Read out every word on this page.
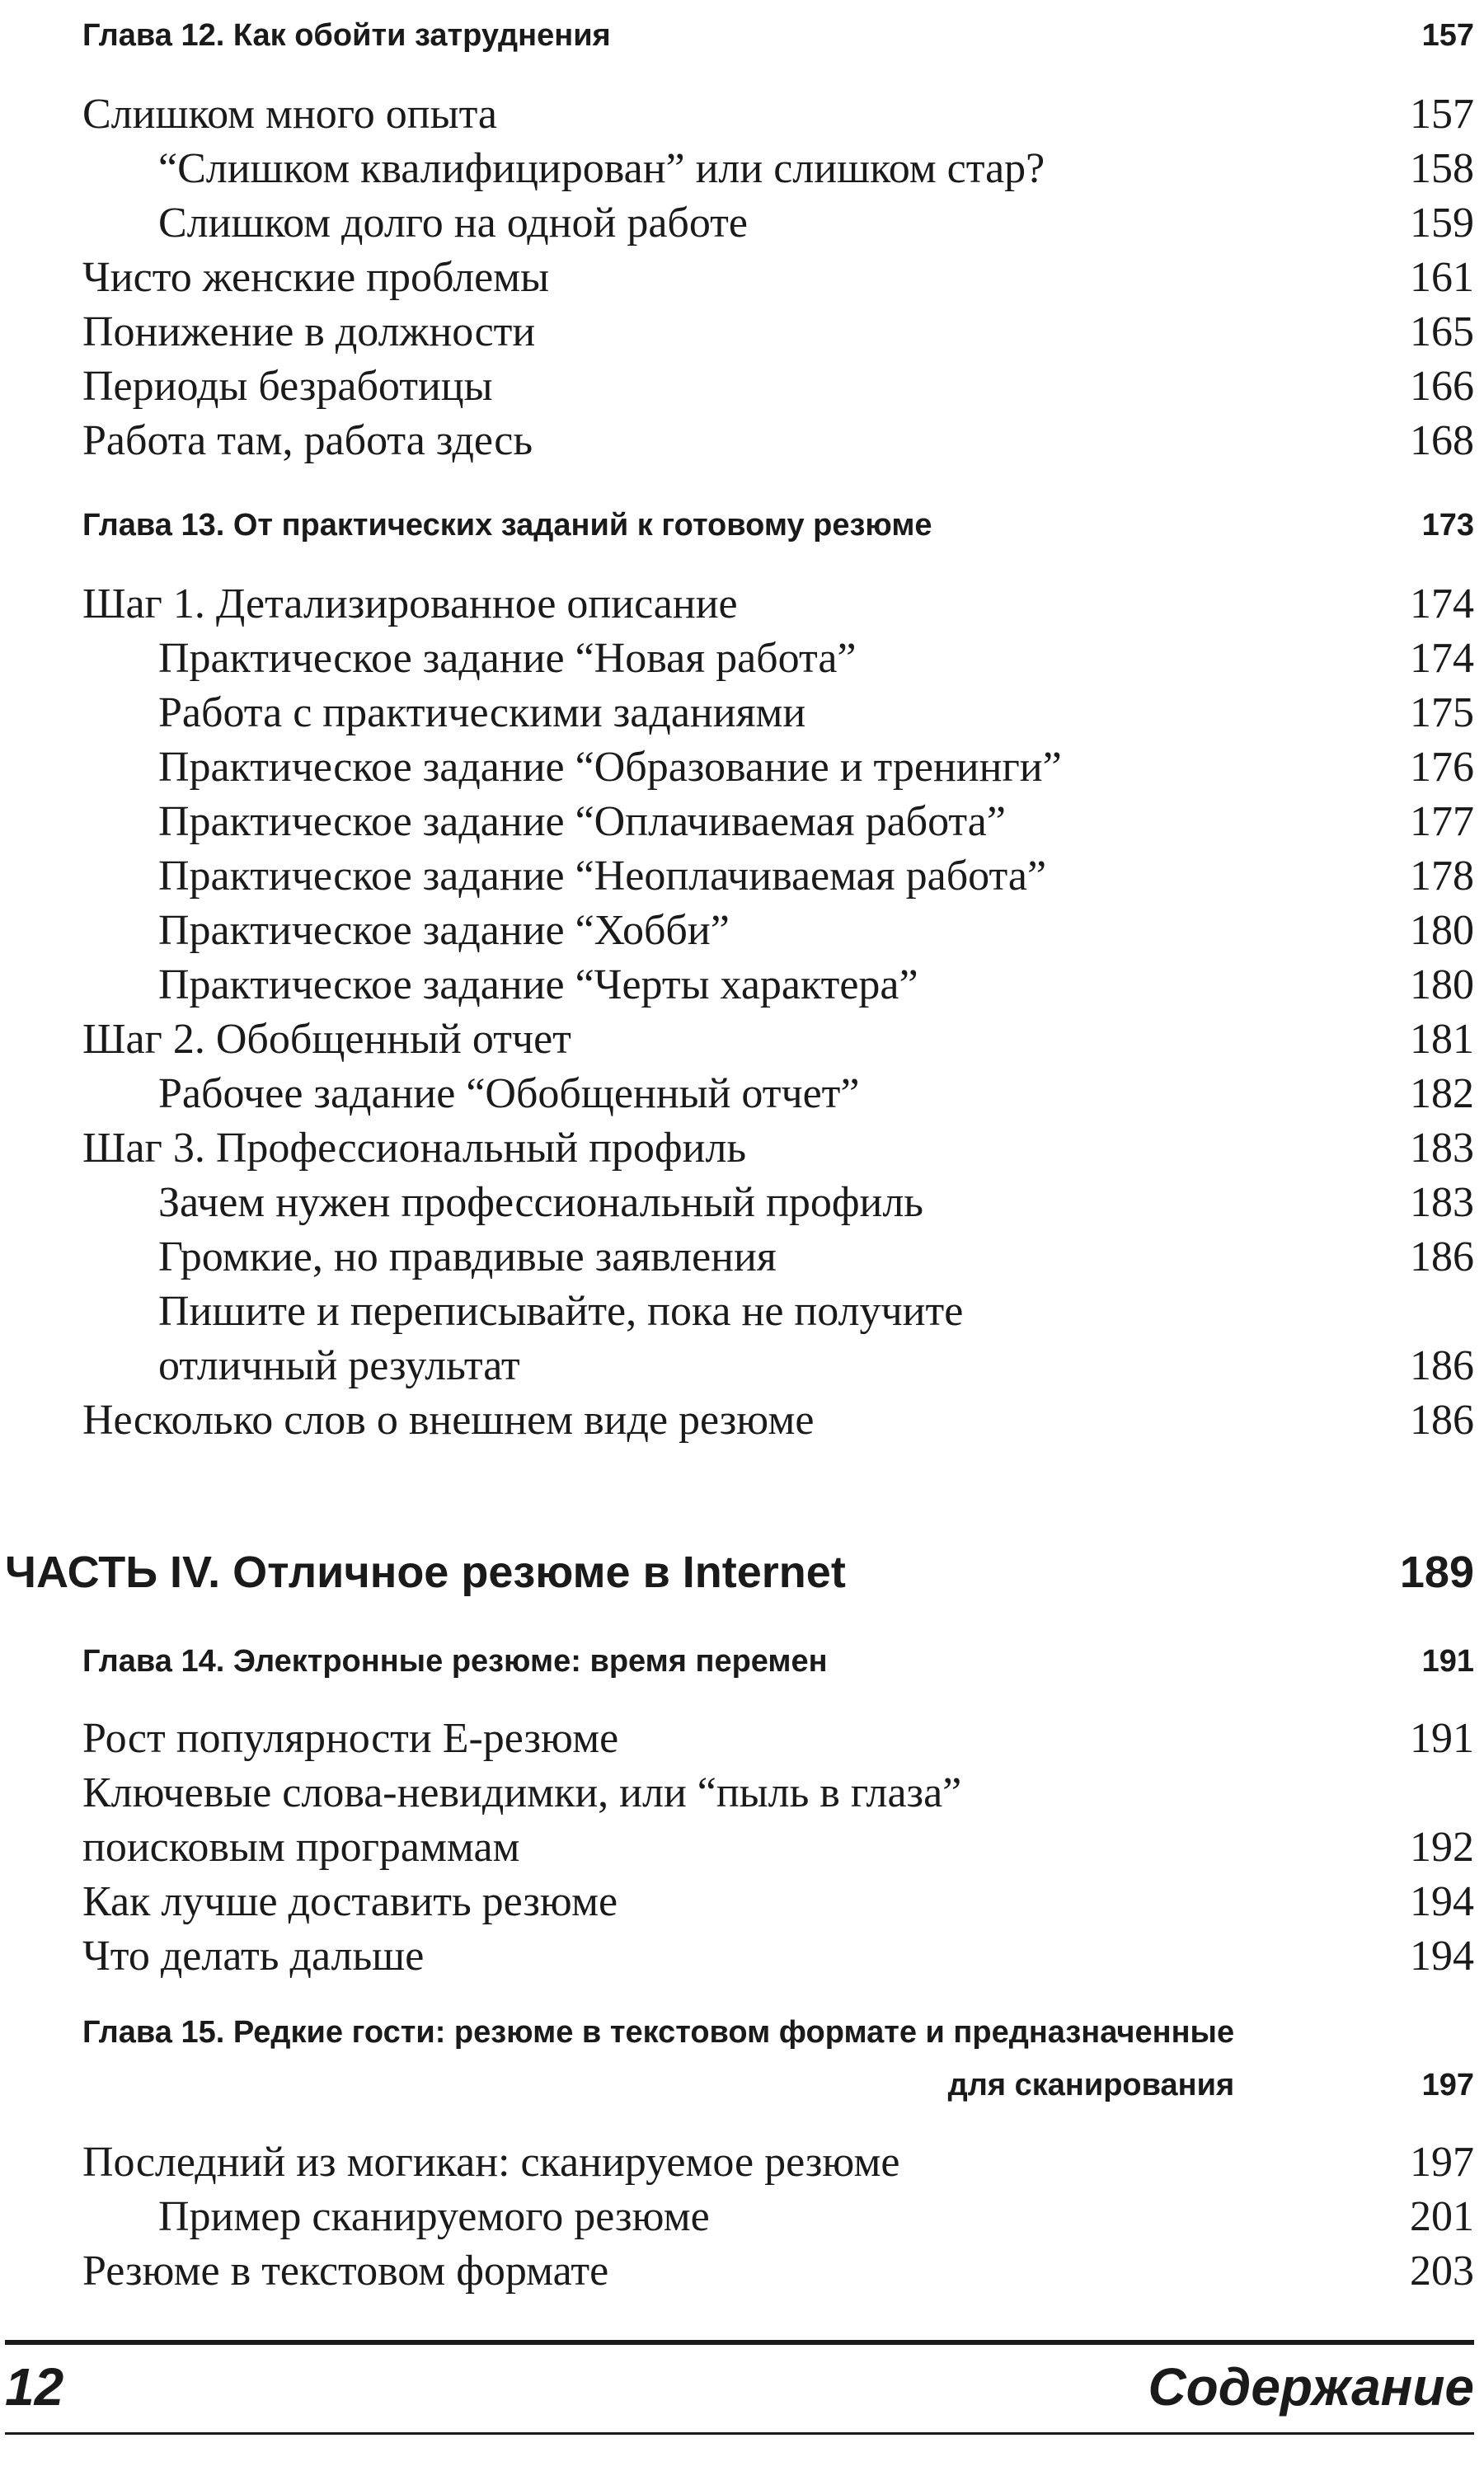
Глава 12. Как обойти затруднения	157
Слишком много опыта	157
“Слишком квалифицирован” или слишком стар?	158
Слишком долго на одной работе	159
Чисто женские проблемы	161
Понижение в должности	165
Периоды безработицы	166
Работа там, работа здесь	168
Глава 13. От практических заданий к готовому резюме	173
Шаг 1. Детализированное описание	174
Практическое задание “Новая работа”	174
Работа с практическими заданиями	175
Практическое задание “Образование и тренинги”	176
Практическое задание “Оплачиваемая работа”	177
Практическое задание “Неоплачиваемая работа”	178
Практическое задание “Хобби”	180
Практическое задание “Черты характера”	180
Шаг 2. Обобщенный отчет	181
Рабочее задание “Обобщенный отчет”	182
Шаг 3. Профессиональный профиль	183
Зачем нужен профессиональный профиль	183
Громкие, но правдивые заявления	186
Пишите и переписывайте, пока не получите
отличный результат	186
Несколько слов о внешнем виде резюме	186
ЧАСТЬ IV. Отличное резюме в Internet	189
Глава 14. Электронные резюме: время перемен	191
Рост популярности Е-резюме	191
Ключевые слова-невидимки, или “пыль в глаза”
поисковым программам	192
Как лучше доставить резюме	194
Что делать дальше	194
Глава 15. Редкие гости: резюме в текстовом формате и предназначенные
для сканирования	197
Последний из могикан: сканируемое резюме	197
Пример сканируемого резюме	201
Резюме в текстовом формате	203
12	Содержание
